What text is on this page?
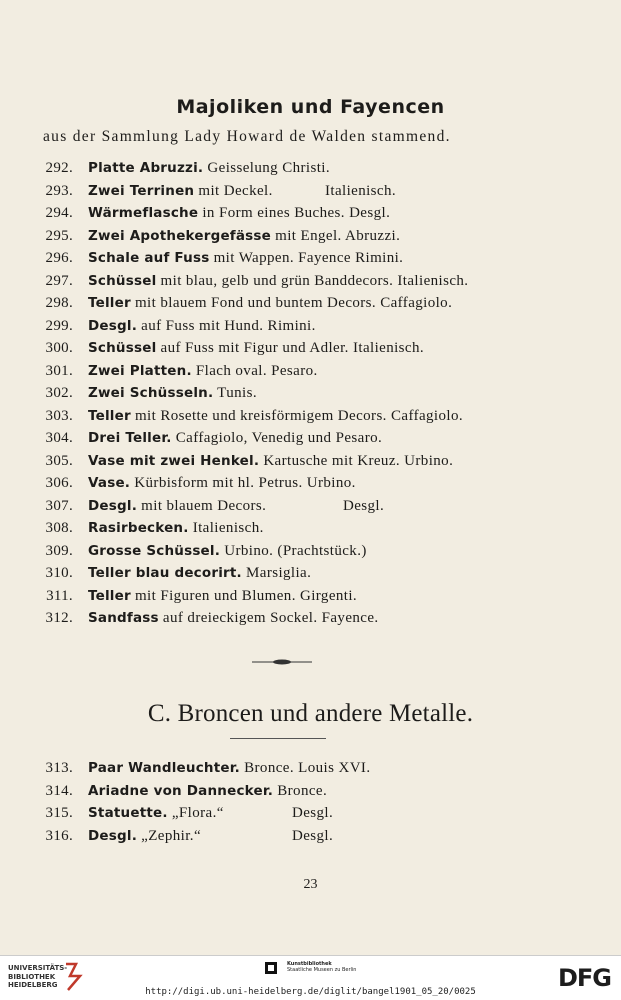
Majoliken und Fayencen
aus der Sammlung Lady Howard de Walden stammend.
292. Platte Abruzzi. Geisselung Christi.
293. Zwei Terrinen mit Deckel.	Italienisch.
294. Wärmeflasche in Form eines Buches. Desgl.
295. Zwei Apothekergefässe mit Engel. Abruzzi.
296. Schale auf Fuss mit Wappen. Fayence Rimini.
297. Schüssel mit blau, gelb und grün Banddecors. Italienisch.
298. Teller mit blauem Fond und buntem Decors. Caffagiolo.
299. Desgl. auf Fuss mit Hund. Rimini.
300. Schüssel auf Fuss mit Figur und Adler. Italienisch.
301. Zwei Platten. Flach oval. Pesaro.
302. Zwei Schüsseln. Tunis.
303. Teller mit Rosette und kreisförmigem Decors. Caffagiolo.
304. Drei Teller. Caffagiolo, Venedig und Pesaro.
305. Vase mit zwei Henkel. Kartusche mit Kreuz. Urbino.
306. Vase. Kürbisform mit hl. Petrus. Urbino.
307. Desgl. mit blauem Decors.	Desgl.
308. Rasirbecken. Italienisch.
309. Grosse Schüssel. Urbino. (Prachtstück.)
310. Teller blau decorirt. Marsiglia.
311. Teller mit Figuren und Blumen. Girgenti.
312. Sandfass auf dreieckigem Sockel. Fayence.
C. Broncen und andere Metalle.
313. Paar Wandleuchter. Bronce. Louis XVI.
314. Ariadne von Dannecker. Bronce.
315. Statuette. „Flora.“	Desgl.
316. Desgl. „Zephir.“	Desgl.
23
UNIVERSITÄTS-
BIBLIOTHEK
HEIDELBERG
Kunstbibliothek
Staatliche Museen zu Berlin	DFG
http://digi.ub.uni-heidelberg.de/diglit/bangel1901_05_20/0025
